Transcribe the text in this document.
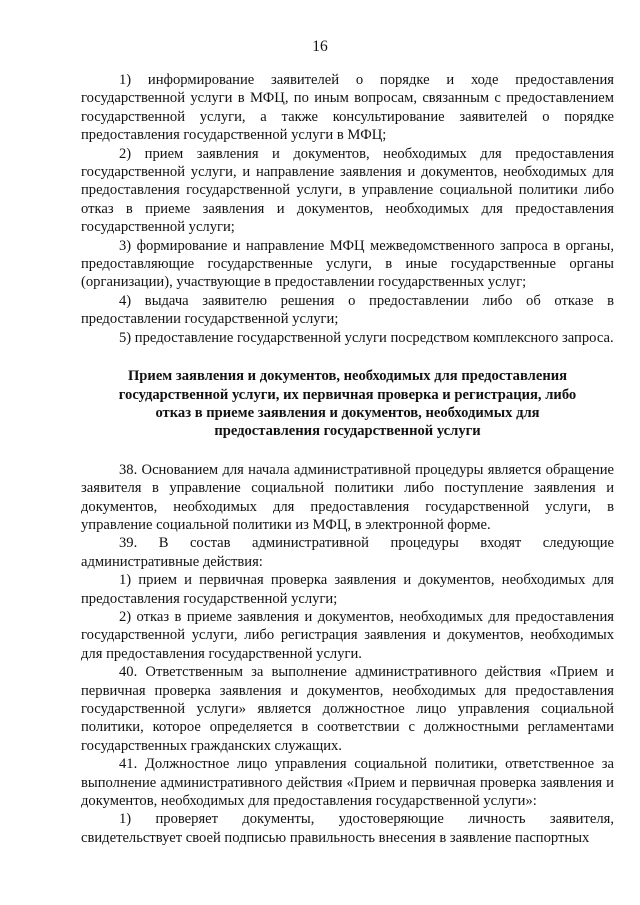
16

1) информирование заявителей о порядке и ходе предоставления государственной услуги в МФЦ, по иным вопросам, связанным с предоставлением государственной услуги, а также консультирование заявителей о порядке предоставления государственной услуги в МФЦ;

2) прием заявления и документов, необходимых для предоставления государственной услуги, и направление заявления и документов, необходимых для предоставления государственной услуги, в управление социальной политики либо отказ в приеме заявления и документов, необходимых для предоставления государственной услуги;

3) формирование и направление МФЦ межведомственного запроса в органы, предоставляющие государственные услуги, в иные государственные органы (организации), участвующие в предоставлении государственных услуг;

4) выдача заявителю решения о предоставлении либо об отказе в предоставлении государственной услуги;

5) предоставление государственной услуги посредством комплексного запроса.

Прием заявления и документов, необходимых для предоставления государственной услуги, их первичная проверка и регистрация, либо отказ в приеме заявления и документов, необходимых для предоставления государственной услуги

38. Основанием для начала административной процедуры является обращение заявителя в управление социальной политики либо поступление заявления и документов, необходимых для предоставления государственной услуги, в управление социальной политики из МФЦ, в электронной форме.

39. В состав административной процедуры входят следующие административные действия:

1) прием и первичная проверка заявления и документов, необходимых для предоставления государственной услуги;

2) отказ в приеме заявления и документов, необходимых для предоставления государственной услуги, либо регистрация заявления и документов, необходимых для предоставления государственной услуги.

40. Ответственным за выполнение административного действия «Прием и первичная проверка заявления и документов, необходимых для предоставления государственной услуги» является должностное лицо управления социальной политики, которое определяется в соответствии с должностными регламентами государственных гражданских служащих.

41. Должностное лицо управления социальной политики, ответственное за выполнение административного действия «Прием и первичная проверка заявления и документов, необходимых для предоставления государственной услуги»:

1) проверяет документы, удостоверяющие личность заявителя, свидетельствует своей подписью правильность внесения в заявление паспортных
